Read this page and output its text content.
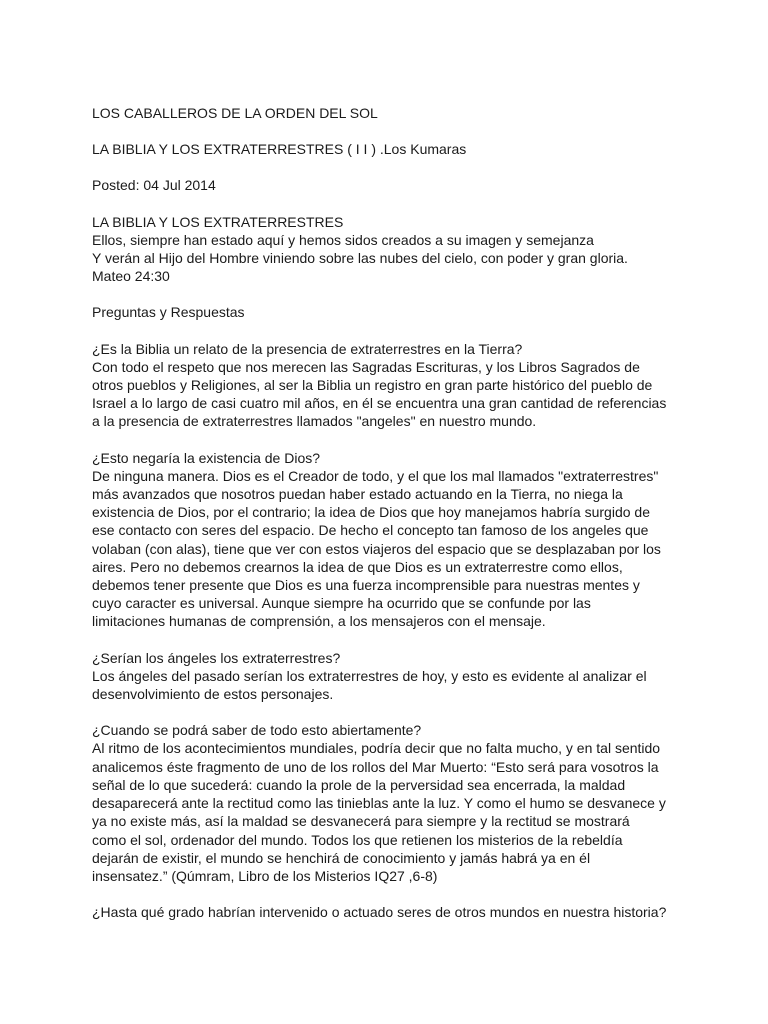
LOS CABALLEROS DE LA ORDEN DEL SOL
LA BIBLIA Y LOS EXTRATERRESTRES ( I I ) .Los Kumaras
Posted: 04 Jul 2014
LA BIBLIA Y LOS EXTRATERRESTRES
Ellos, siempre han estado aquí y hemos sidos creados a su imagen y semejanza
Y verán al Hijo del Hombre viniendo sobre las nubes del cielo, con poder y gran gloria.
Mateo 24:30
Preguntas y Respuestas
¿Es la Biblia un relato de la presencia de extraterrestres en la Tierra?
Con todo el respeto que nos merecen las Sagradas Escrituras, y los Libros Sagrados de
otros pueblos y Religiones, al ser la Biblia un registro en gran parte histórico del pueblo de
Israel a lo largo de casi cuatro mil años, en él se encuentra una gran cantidad de referencias
a la presencia de extraterrestres llamados "angeles" en nuestro mundo.
¿Esto negaría la existencia de Dios?
De ninguna manera. Dios es el Creador de todo, y el que los mal llamados "extraterrestres"
más avanzados que nosotros puedan haber estado actuando en la Tierra, no niega la
existencia de Dios, por el contrario; la idea de Dios que hoy manejamos habría surgido de
ese contacto con seres del espacio. De hecho el concepto tan famoso de los angeles que
volaban (con alas), tiene que ver con estos viajeros del espacio que se desplazaban por los
aires. Pero no debemos crearnos la idea de que Dios es un extraterrestre como ellos,
debemos tener presente que Dios es una fuerza incomprensible para nuestras mentes y
cuyo caracter es universal. Aunque siempre ha ocurrido que se confunde por las
limitaciones humanas de comprensión, a los mensajeros con el mensaje.
¿Serían los ángeles los extraterrestres?
Los ángeles del pasado serían los extraterrestres de hoy, y esto es evidente al analizar el
desenvolvimiento de estos personajes.
¿Cuando se podrá saber de todo esto abiertamente?
Al ritmo de los acontecimientos mundiales, podría decir que no falta mucho, y en tal sentido
analicemos éste fragmento de uno de los rollos del Mar Muerto: “Esto será para vosotros la
señal de lo que sucederá: cuando la prole de la perversidad sea encerrada, la maldad
desaparecerá ante la rectitud como las tinieblas ante la luz. Y como el humo se desvanece y
ya no existe más, así la maldad se desvanecerá para siempre y la rectitud se mostrará
como el sol, ordenador del mundo. Todos los que retienen los misterios de la rebeldía
dejarán de existir, el mundo se henchirá de conocimiento y jamás habrá ya en él
insensatez.” (Qúmram, Libro de los Misterios IQ27 ,6-8)
¿Hasta qué grado habrían intervenido o actuado seres de otros mundos en nuestra historia?
